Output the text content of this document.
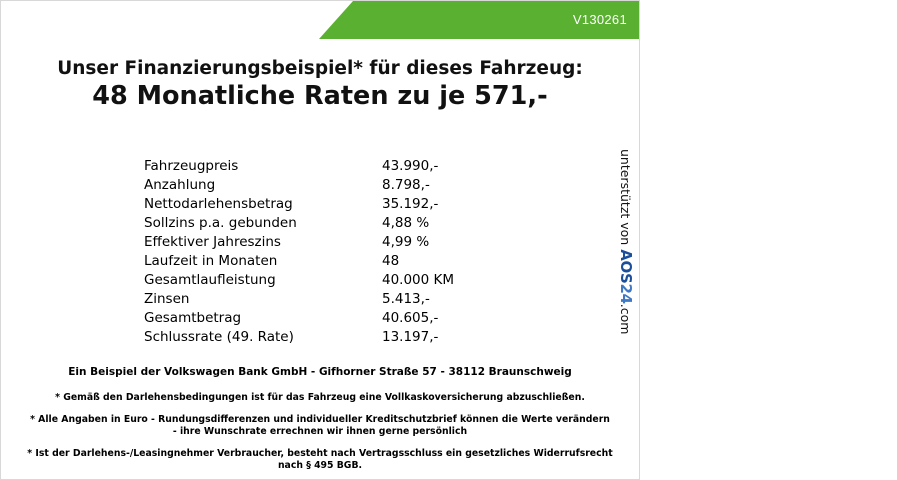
FESER GRAF
V130261
Unser Finanzierungsbeispiel* für dieses Fahrzeug:
48 Monatliche Raten zu je 571,-
Fahrzeugpreis	43.990,-
Anzahlung	8.798,-
Nettodarlehensbetrag	35.192,-
Sollzins p.a. gebunden	4,88 %
Effektiver Jahreszins	4,99 %
Laufzeit in Monaten	48
Gesamtlaufleistung	40.000 KM
Zinsen	5.413,-
Gesamtbetrag	40.605,-
Schlussrate (49. Rate)	13.197,-
unterstützt von AOS24.com
Ein Beispiel der Volkswagen Bank GmbH - Gifhorner Straße 57 - 38112 Braunschweig

* Gemäß den Darlehensbedingungen ist für das Fahrzeug eine Vollkaskoversicherung abzuschließen.

* Alle Angaben in Euro - Rundungsdifferenzen und individueller Kreditschutzbrief können die Werte verändern
- ihre Wunschrate errechnen wir ihnen gerne persönlich

* Ist der Darlehens-/Leasingnehmer Verbraucher, besteht nach Vertragsschluss ein gesetzliches Widerrufsrecht
nach § 495 BGB.
